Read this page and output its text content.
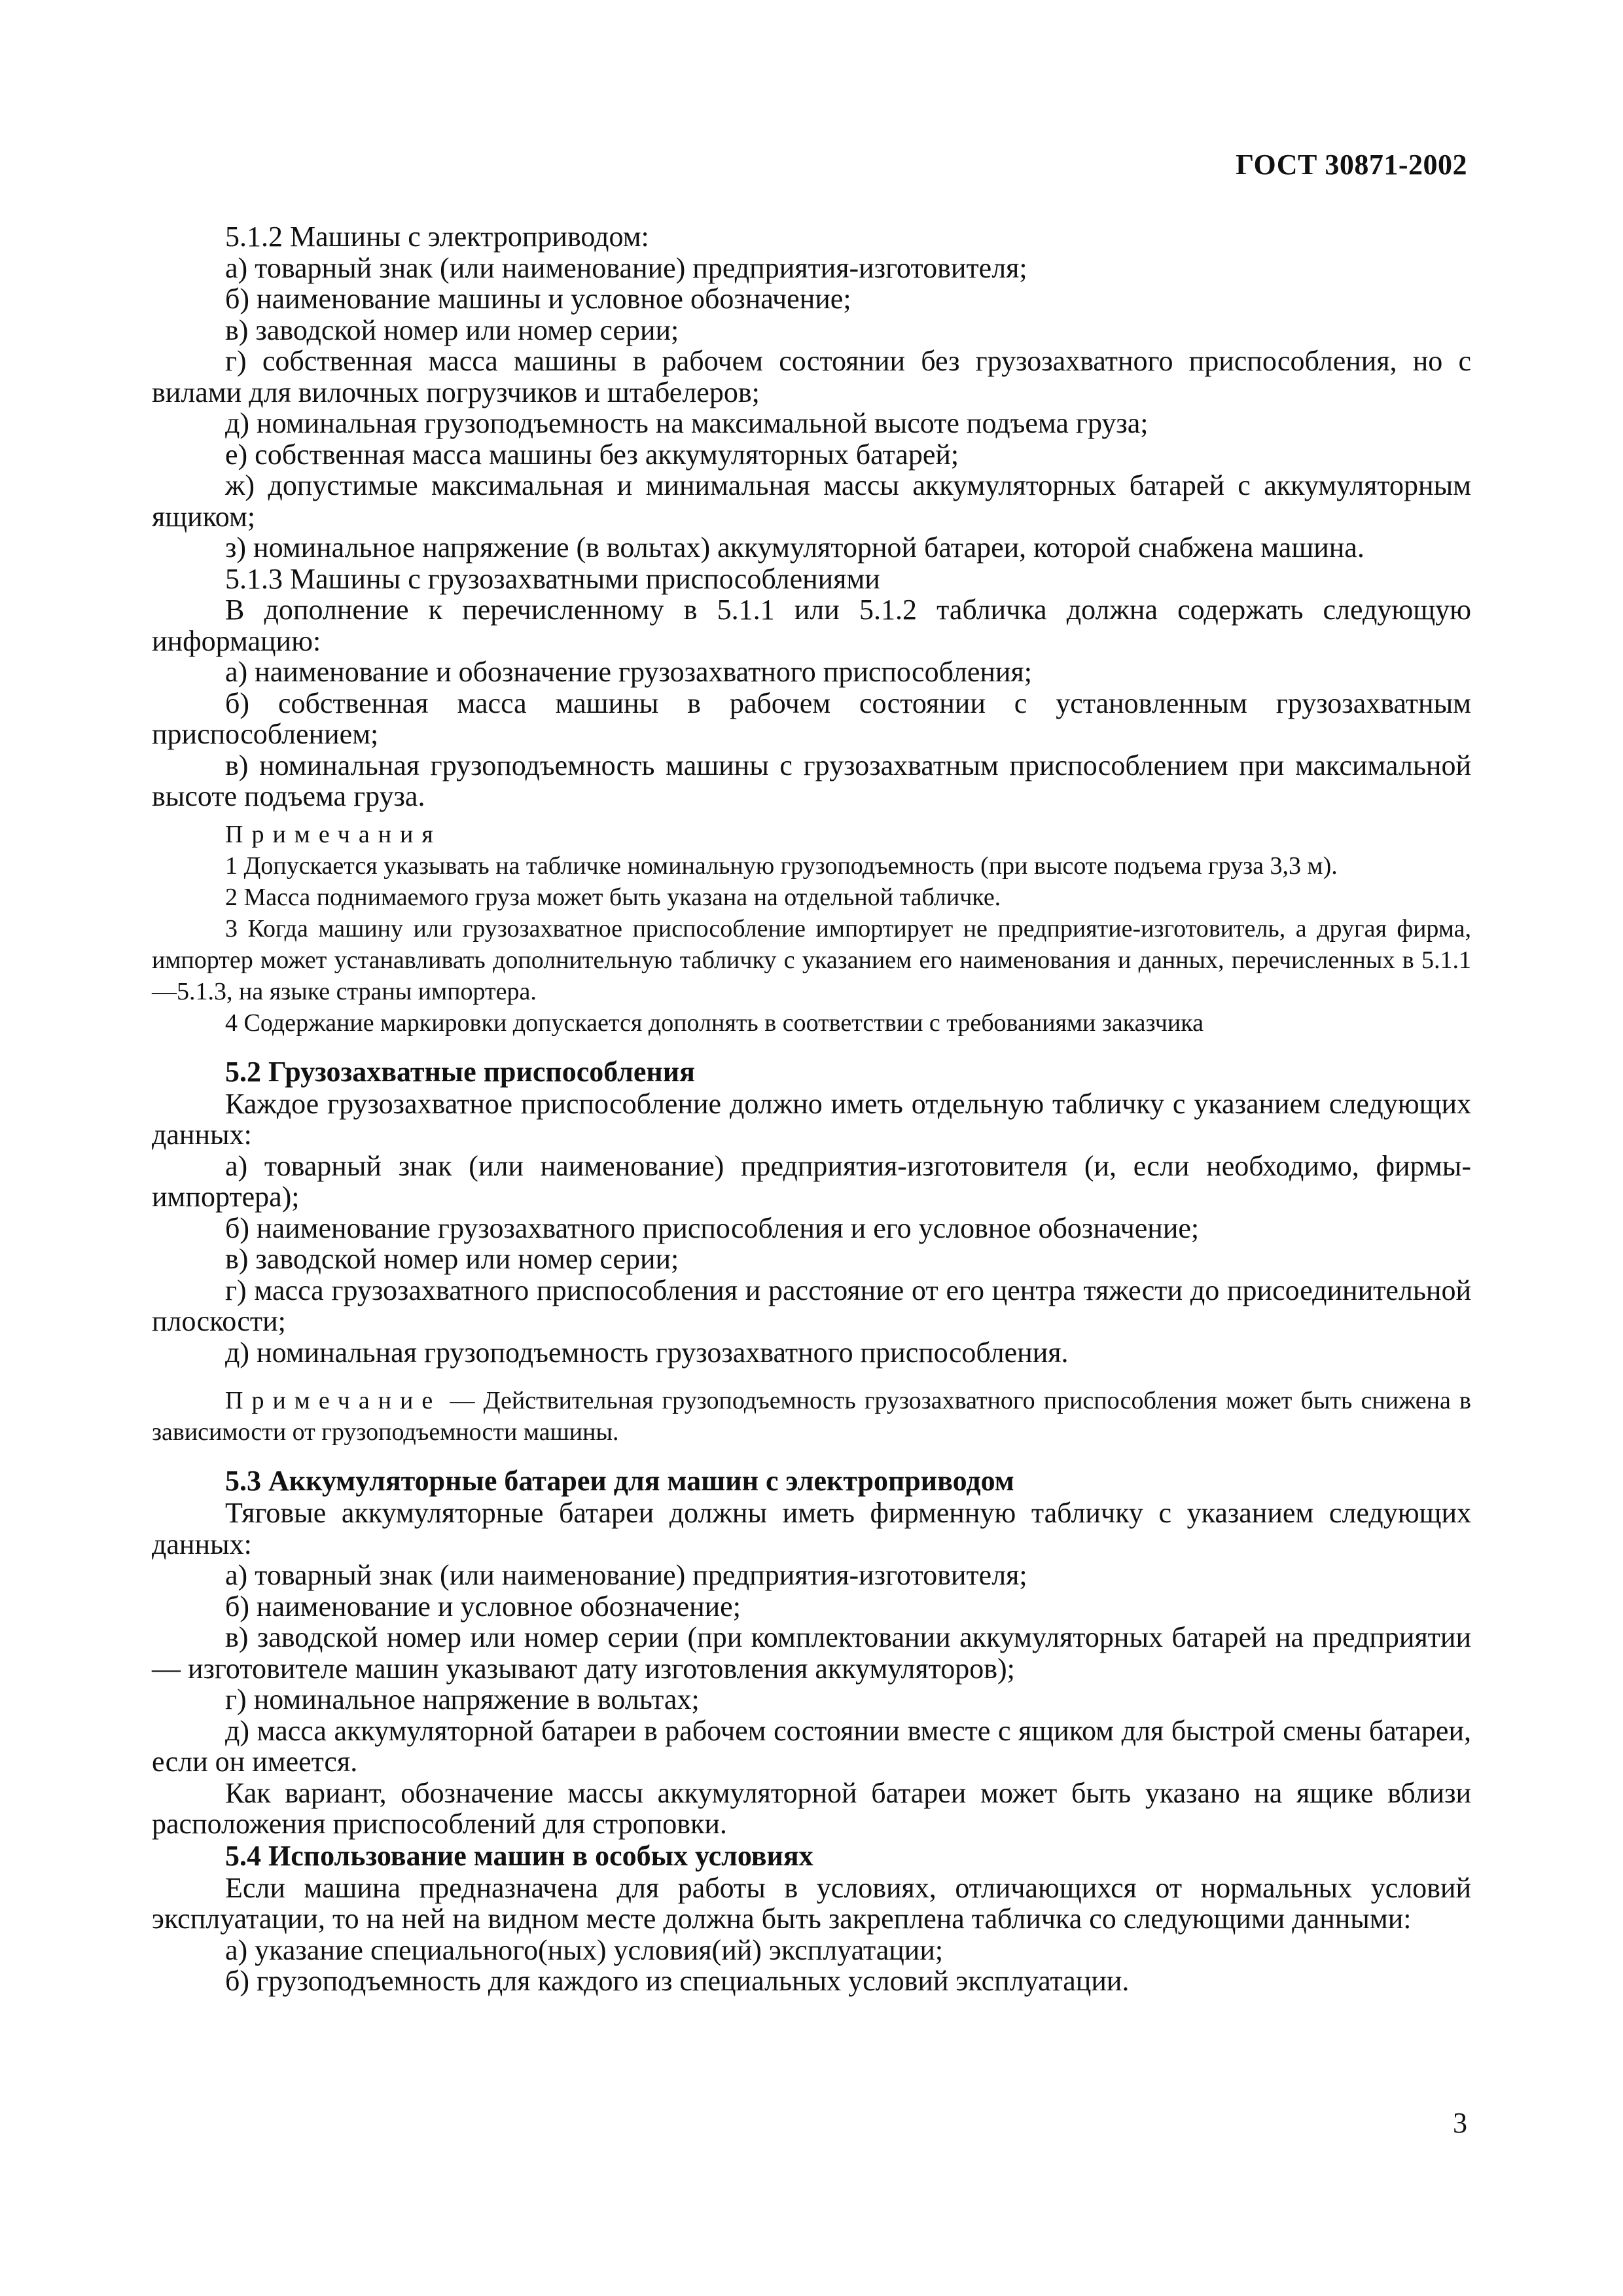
ГОСТ 30871-2002

5.1.2 Машины с электроприводом:

а) товарный знак (или наименование) предприятия-изготовителя;

б) наименование машины и условное обозначение;

в) заводской номер или номер серии;

г) собственная масса машины в рабочем состоянии без грузозахватного приспособления, но с вилами для вилочных погрузчиков и штабелеров;

д) номинальная грузоподъемность на максимальной высоте подъема груза;

е) собственная масса машины без аккумуляторных батарей;

ж) допустимые максимальная и минимальная массы аккумуляторных батарей с аккумуляторным ящиком;

з) номинальное напряжение (в вольтах) аккумуляторной батареи, которой снабжена машина.

5.1.3 Машины с грузозахватными приспособлениями

В дополнение к перечисленному в 5.1.1 или 5.1.2 табличка должна содержать следующую информацию:

а) наименование и обозначение грузозахватного приспособления;

б) собственная масса машины в рабочем состоянии с установленным грузозахватным приспособлением;

в) номинальная грузоподъемность машины с грузозахватным приспособлением при максимальной высоте подъема груза.

Примечания

1 Допускается указывать на табличке номинальную грузоподъемность (при высоте подъема груза 3,3 м).

2 Масса поднимаемого груза может быть указана на отдельной табличке.

3 Когда машину или грузозахватное приспособление импортирует не предприятие-изготовитель, а другая фирма, импортер может устанавливать дополнительную табличку с указанием его наименования и данных, перечисленных в 5.1.1—5.1.3, на языке страны импортера.

4 Содержание маркировки допускается дополнять в соответствии с требованиями заказчика

5.2 Грузозахватные приспособления

Каждое грузозахватное приспособление должно иметь отдельную табличку с указанием следующих данных:

а) товарный знак (или наименование) предприятия-изготовителя (и, если необходимо, фирмы-импортера);

б) наименование грузозахватного приспособления и его условное обозначение;

в) заводской номер или номер серии;

г) масса грузозахватного приспособления и расстояние от его центра тяжести до присоединительной плоскости;

д) номинальная грузоподъемность грузозахватного приспособления.

Примечание — Действительная грузоподъемность грузозахватного приспособления может быть снижена в зависимости от грузоподъемности машины.

5.3 Аккумуляторные батареи для машин с электроприводом

Тяговые аккумуляторные батареи должны иметь фирменную табличку с указанием следующих данных:

а) товарный знак (или наименование) предприятия-изготовителя;

б) наименование и условное обозначение;

в) заводской номер или номер серии (при комплектовании аккумуляторных батарей на предприятии — изготовителе машин указывают дату изготовления аккумуляторов);

г) номинальное напряжение в вольтах;

д) масса аккумуляторной батареи в рабочем состоянии вместе с ящиком для быстрой смены батареи, если он имеется.

Как вариант, обозначение массы аккумуляторной батареи может быть указано на ящике вблизи расположения приспособлений для строповки.

5.4 Использование машин в особых условиях

Если машина предназначена для работы в условиях, отличающихся от нормальных условий эксплуатации, то на ней на видном месте должна быть закреплена табличка со следующими данными:

а) указание специального(ных) условия(ий) эксплуатации;

б) грузоподъемность для каждого из специальных условий эксплуатации.

3
